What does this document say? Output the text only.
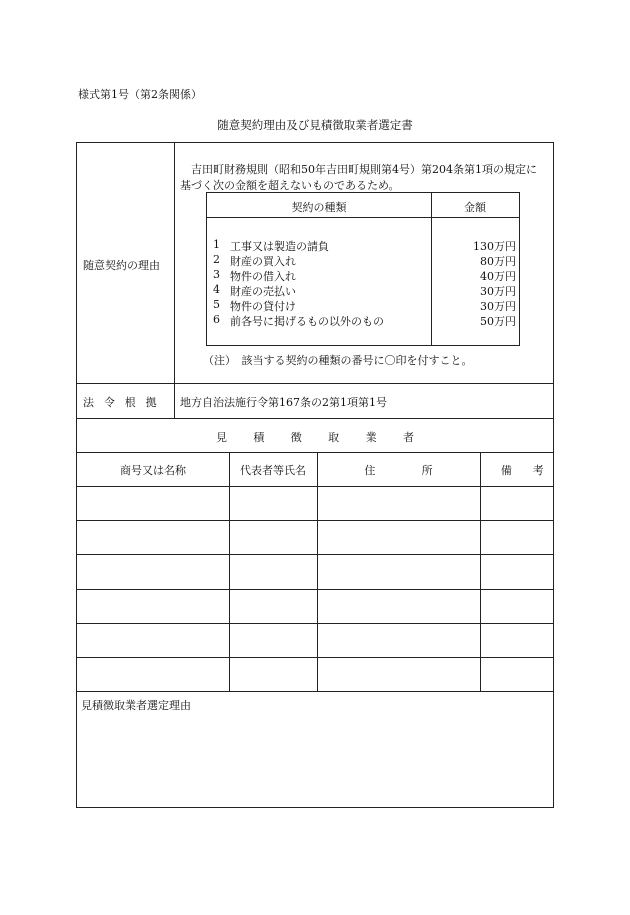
様式第1号（第2条関係）
随意契約理由及び見積徴取業者選定書
随意契約の理由
吉田町財務規則（昭和50年吉田町規則第4号）第204条第1項の規定に
基づく次の金額を超えないものであるため。
契約の種類	金額
1 工事又は製造の請負	130万円
2 財産の買入れ	80万円
3 物件の借入れ	40万円
4 財産の売払い	30万円
5 物件の貸付け	30万円
6 前各号に掲げるもの以外のもの	50万円
（注）　該当する契約の種類の番号に〇印を付すこと。
法令根拠 地方自治法施行令第167条の2第1項第1号
見積徴取業者
商号又は名称	代表者等氏名	住所	備考
見積徴取業者選定理由
